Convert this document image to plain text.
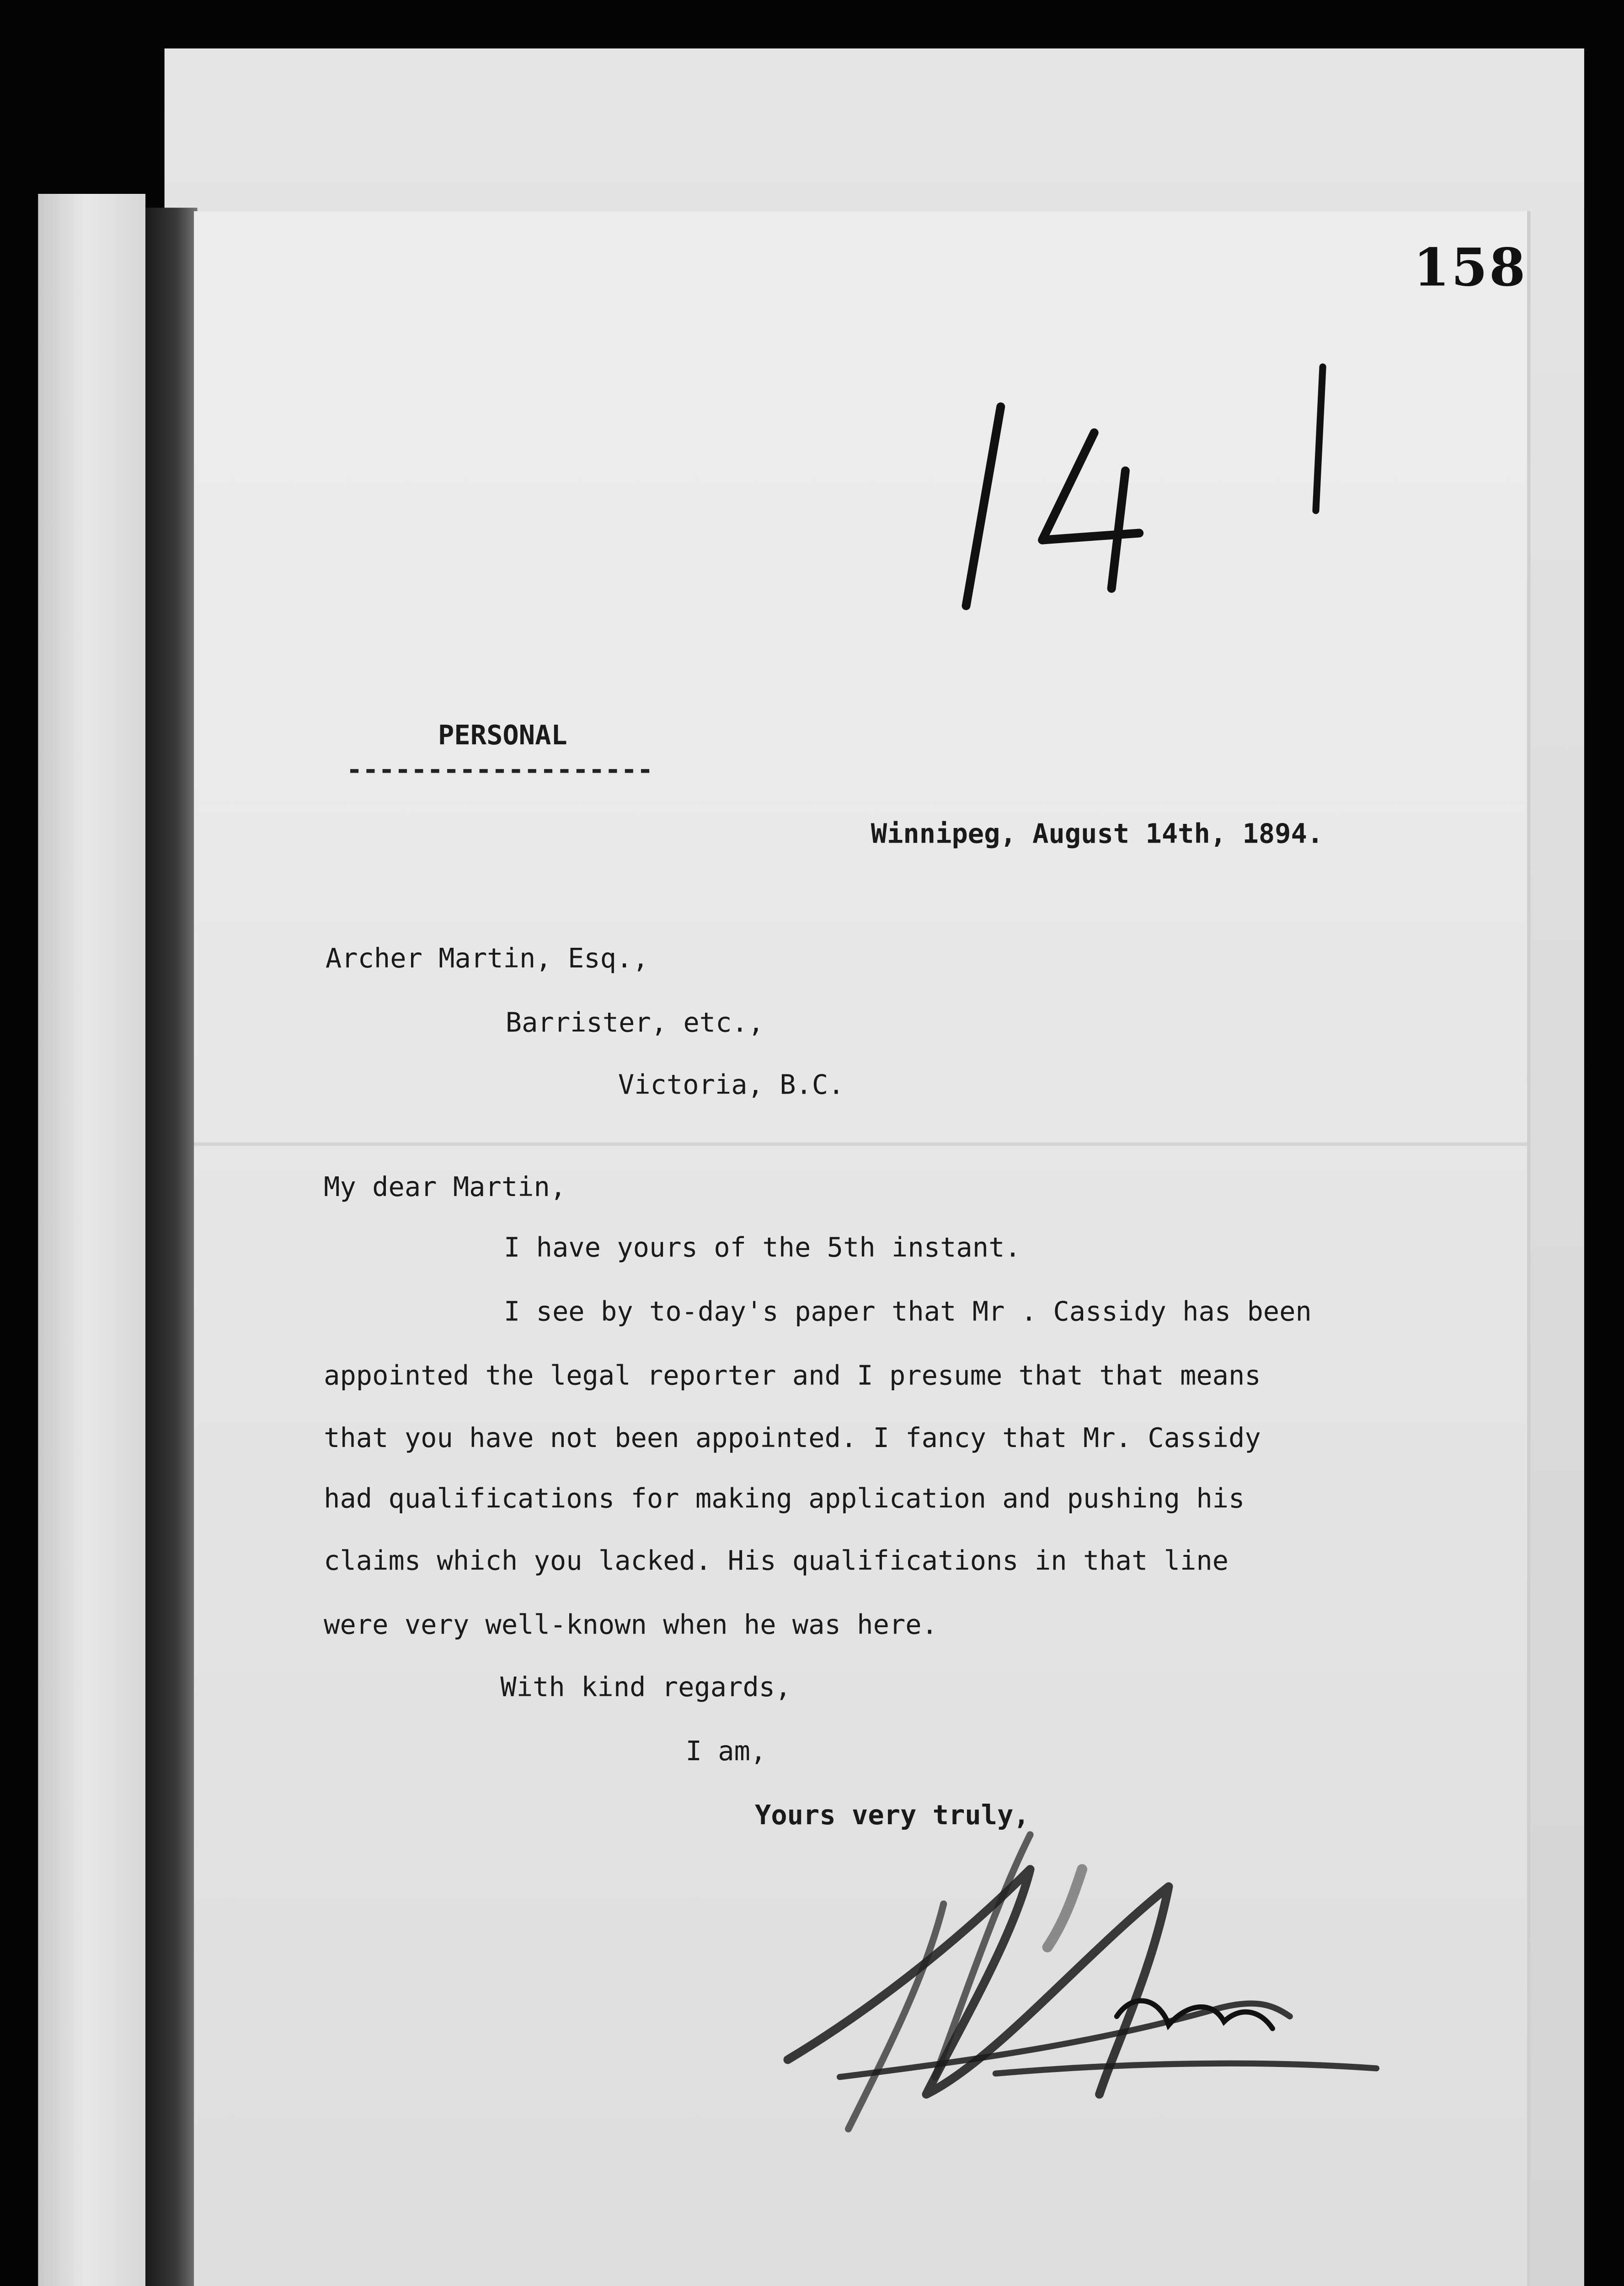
158
PERSONAL
-------------------
Winnipeg, August 14th, 1894.
Archer Martin, Esq.,
Barrister, etc.,
Victoria, B.C.
My dear Martin,
I have yours of the 5th instant.
I see by to-day's paper that Mr . Cassidy has been
appointed the legal reporter and I presume that that means
that you have not been appointed. I fancy that Mr. Cassidy
had qualifications for making application and pushing his
claims which you lacked. His qualifications in that line
were very well-known when he was here.
With kind regards,
I am,
Yours very truly,
